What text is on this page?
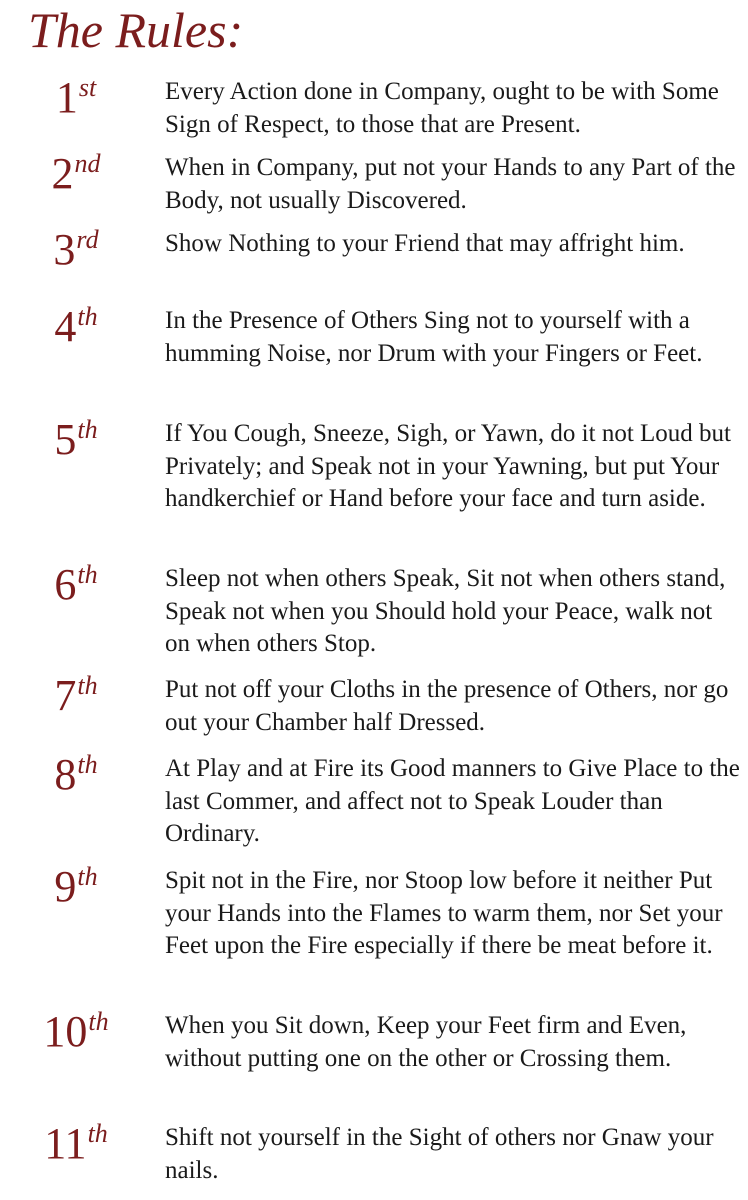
The Rules:
1st	Every Action done in Company, ought to be with Some Sign of Respect, to those that are Present.

2nd	When in Company, put not your Hands to any Part of the Body, not usually Discovered.

3rd	Show Nothing to your Friend that may affright him.

4th	In the Presence of Others Sing not to yourself with a humming Noise, nor Drum with your Fingers or Feet.

5th	If You Cough, Sneeze, Sigh, or Yawn, do it not Loud but Privately; and Speak not in your Yawning, but put Your handkerchief or Hand before your face and turn aside.

6th	Sleep not when others Speak, Sit not when others stand, Speak not when you Should hold your Peace, walk not on when others Stop.

7th	Put not off your Cloths in the presence of Others, nor go out your Chamber half Dressed.

8th	At Play and at Fire its Good manners to Give Place to the last Commer, and affect not to Speak Louder than Ordinary.

9th	Spit not in the Fire, nor Stoop low before it neither Put your Hands into the Flames to warm them, nor Set your Feet upon the Fire especially if there be meat before it.

10th	When you Sit down, Keep your Feet firm and Even, without putting one on the other or Crossing them.

11th	Shift not yourself in the Sight of others nor Gnaw your nails.
